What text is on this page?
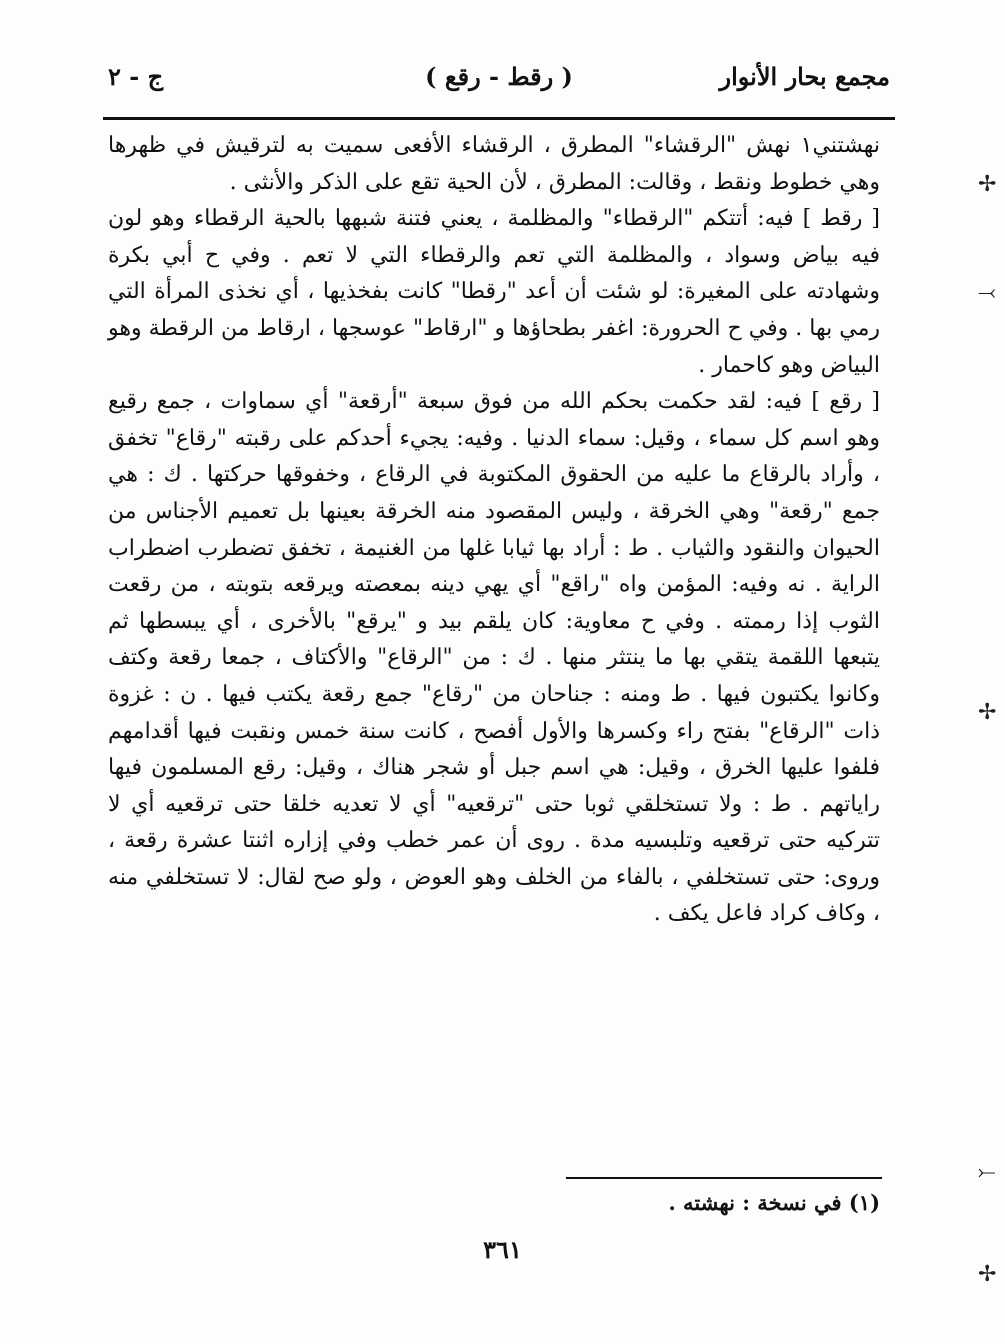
مجمع بحار الأنوار
( رقط - رقع )
ج - ٢

نهشتني١ نهش "الرقشاء" المطرق ، الرقشاء الأفعى سميت به لترقيش في ظهرها وهي خطوط ونقط ، وقالت: المطرق ، لأن الحية تقع على الذكر والأنثى .

[ رقط ] فيه: أتتكم "الرقطاء" والمظلمة ، يعني فتنة شبهها بالحية الرقطاء وهو لون فيه بياض وسواد ، والمظلمة التي تعم والرقطاء التي لا تعم . وفي ح أبي بكرة وشهادته على المغيرة: لو شئت أن أعد "رقطا" كانت بفخذيها ، أي نخذى المرأة التي رمي بها . وفي ح الحرورة: اغفر بطحاؤها و "ارقاط" عوسجها ، ارقاط من الرقطة وهو البياض وهو كاحمار .

[ رقع ] فيه: لقد حكمت بحكم الله من فوق سبعة "أرقعة" أي سماوات ، جمع رقيع وهو اسم كل سماء ، وقيل: سماء الدنيا . وفيه: يجيء أحدكم على رقبته "رقاع" تخفق ، وأراد بالرقاع ما عليه من الحقوق المكتوبة في الرقاع ، وخفوقها حركتها . ك : هي جمع "رقعة" وهي الخرقة ، وليس المقصود منه الخرقة بعينها بل تعميم الأجناس من الحيوان والنقود والثياب . ط : أراد بها ثيابا غلها من الغنيمة ، تخفق تضطرب اضطراب الراية . نه وفيه: المؤمن واه "راقع" أي يهي دينه بمعصته ويرقعه بتوبته ، من رقعت الثوب إذا رممته . وفي ح معاوية: كان يلقم بيد و "يرقع" بالأخرى ، أي يبسطها ثم يتبعها اللقمة يتقي بها ما ينتثر منها . ك : من "الرقاع" والأكتاف ، جمعا رقعة وكتف وكانوا يكتبون فيها . ط ومنه : جناحان من "رقاع" جمع رقعة يكتب فيها . ن : غزوة ذات "الرقاع" بفتح راء وكسرها والأول أفصح ، كانت سنة خمس ونقبت فيها أقدامهم فلفوا عليها الخرق ، وقيل: هي اسم جبل أو شجر هناك ، وقيل: رقع المسلمون فيها راياتهم . ط : ولا تستخلقي ثوبا حتى "ترقعيه" أي لا تعديه خلقا حتى ترقعيه أي لا تتركيه حتى ترقعيه وتلبسيه مدة . روى أن عمر خطب وفي إزاره اثنتا عشرة رقعة ، وروى: حتى تستخلفي ، بالفاء من الخلف وهو العوض ، ولو صح لقال: لا تستخلفي منه ، وكاف كراد فاعل يكف .

(١) في نسخة : نهشته .
٣٦١
✢
⤙
✢
⤚
✢
